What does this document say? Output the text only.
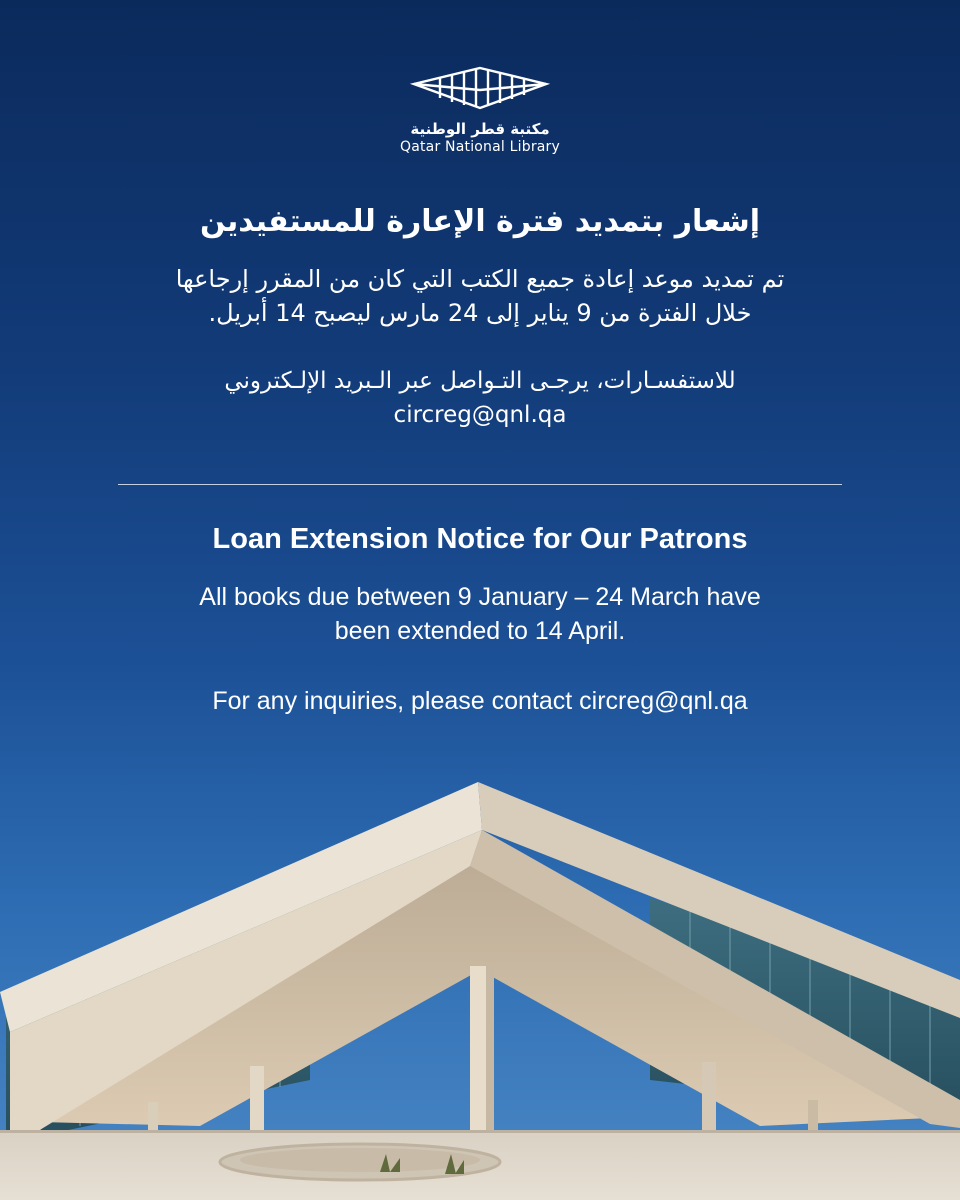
مكتبة قطر الوطنية
Qatar National Library
إشعار بتمديد فترة الإعارة للمستفيدين

تم تمديد موعد إعادة جميع الكتب التي كان من المقرر إرجاعها
خلال الفترة من 9 يناير إلى 24 مارس ليصبح 14 أبريل.

للاستفسـارات، يرجـى التـواصل عبر الـبريد الإلـكتروني
circreg@qnl.qa

Loan Extension Notice for Our Patrons

All books due between 9 January – 24 March have
been extended to 14 April.

For any inquiries, please contact circreg@qnl.qa
